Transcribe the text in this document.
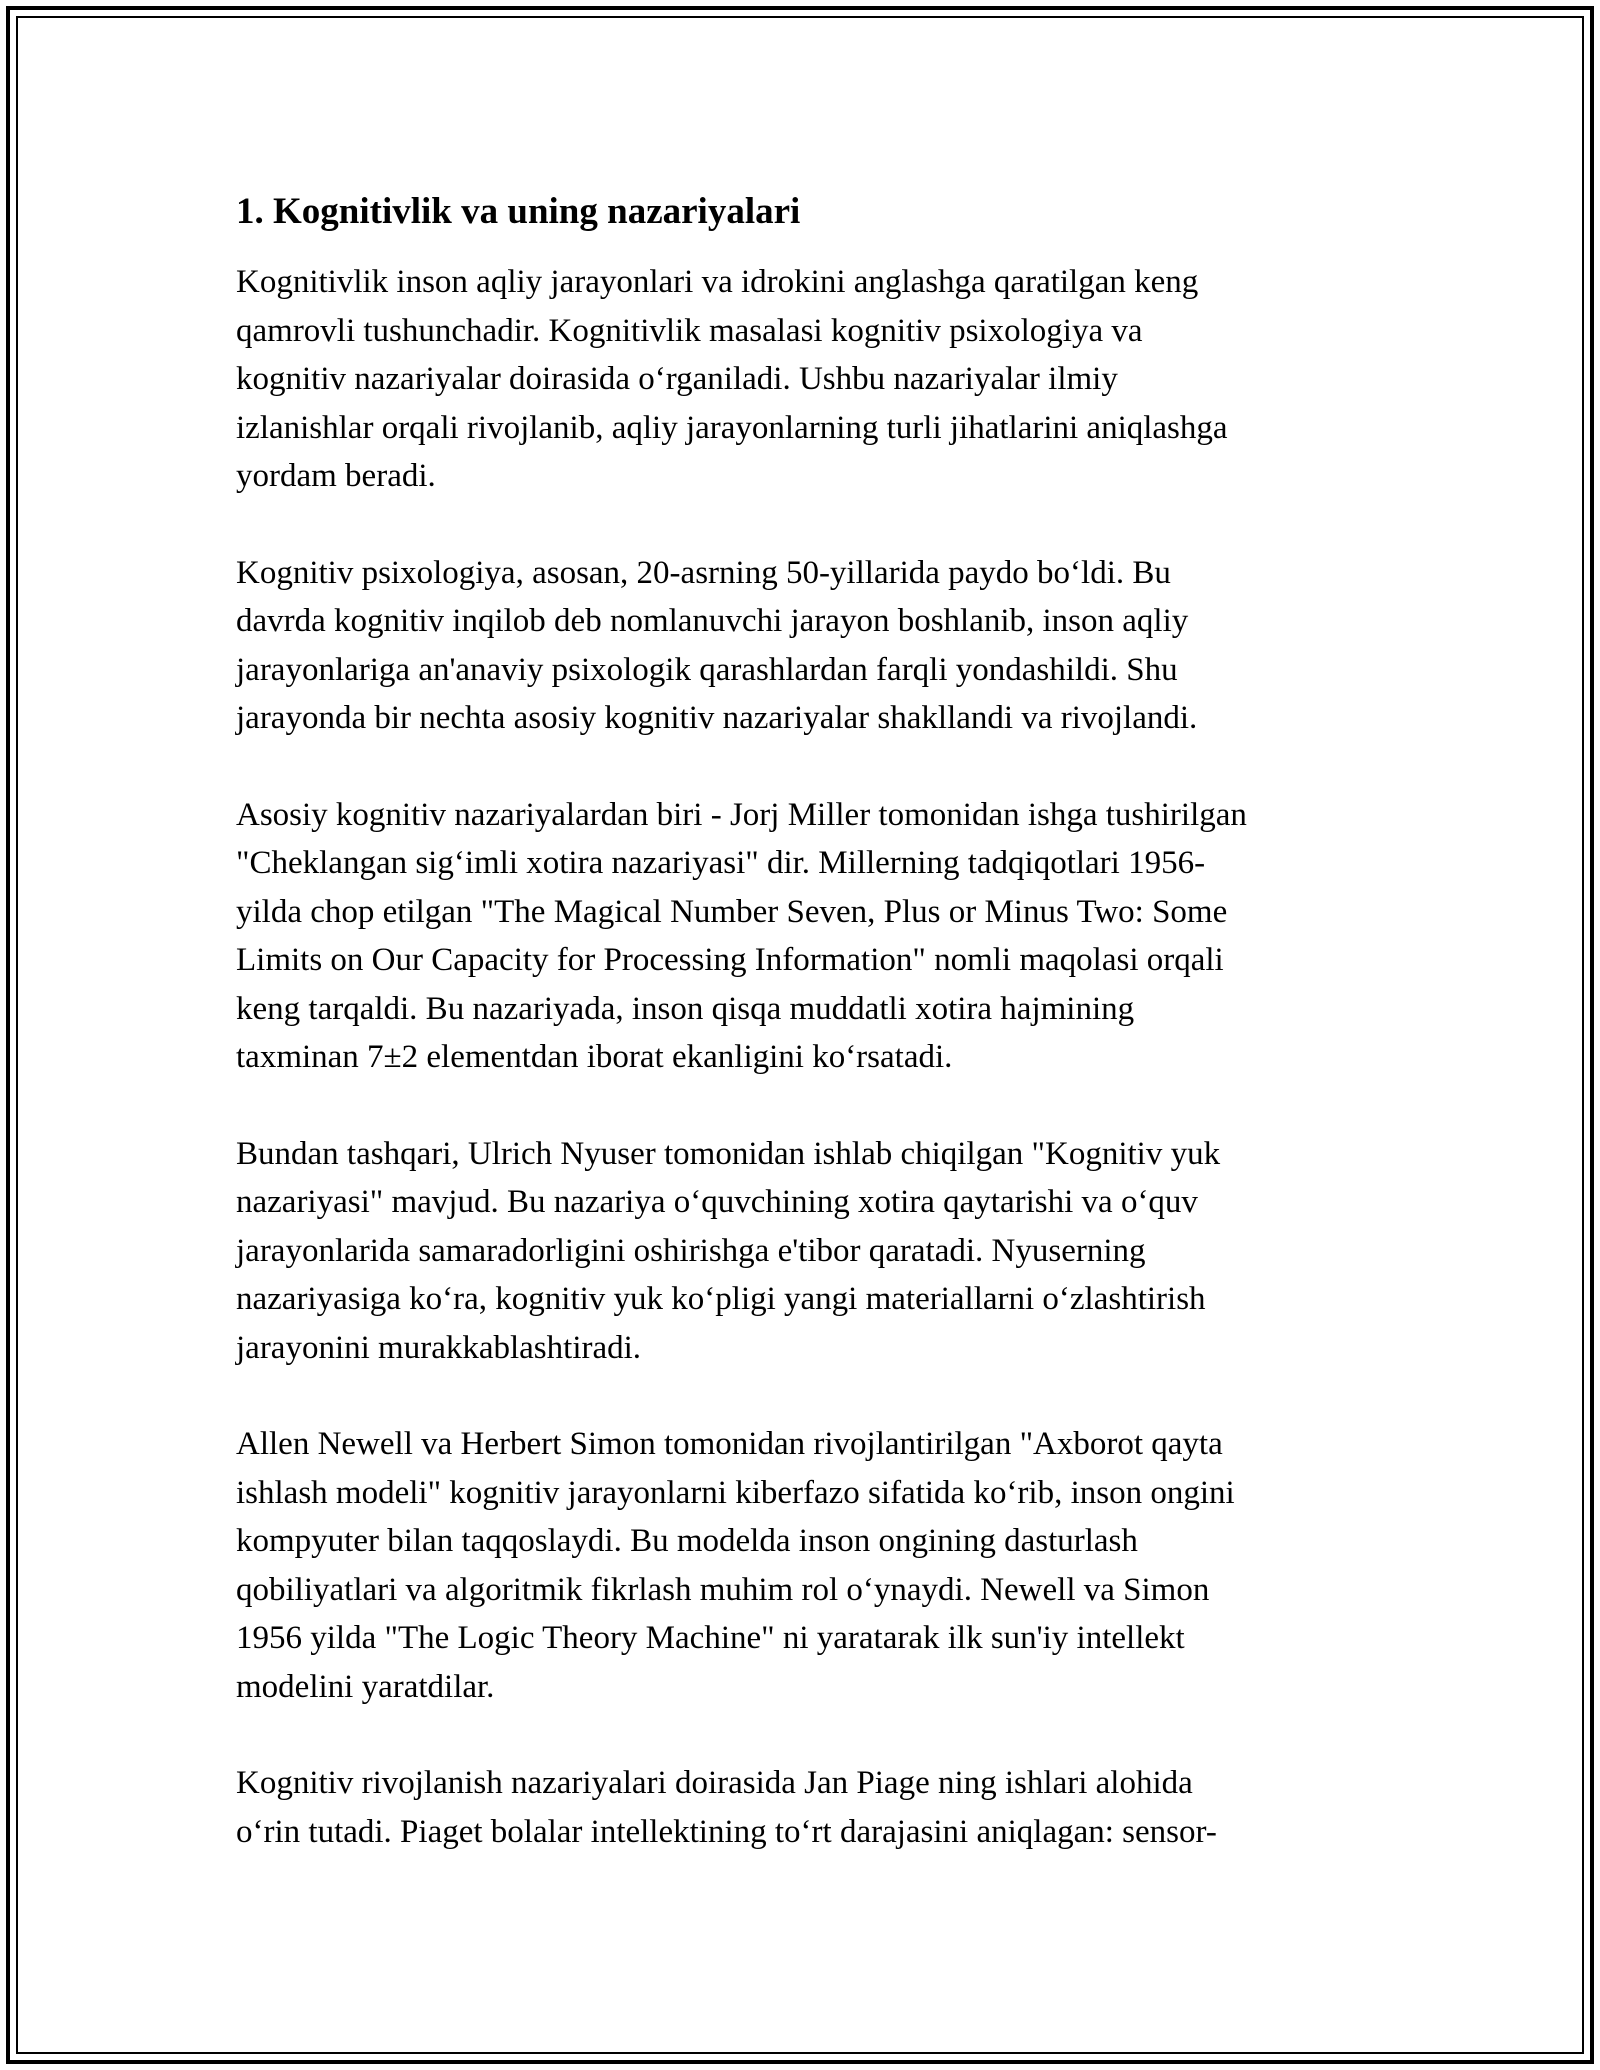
1. Kognitivlik va uning nazariyalari

Kognitivlik inson aqliy jarayonlari va idrokini anglashga qaratilgan keng
qamrovli tushunchadir. Kognitivlik masalasi kognitiv psixologiya va
kognitiv nazariyalar doirasida o‘rganiladi. Ushbu nazariyalar ilmiy
izlanishlar orqali rivojlanib, aqliy jarayonlarning turli jihatlarini aniqlashga
yordam beradi.

Kognitiv psixologiya, asosan, 20-asrning 50-yillarida paydo bo‘ldi. Bu
davrda kognitiv inqilob deb nomlanuvchi jarayon boshlanib, inson aqliy
jarayonlariga an'anaviy psixologik qarashlardan farqli yondashildi. Shu
jarayonda bir nechta asosiy kognitiv nazariyalar shakllandi va rivojlandi.

Asosiy kognitiv nazariyalardan biri - Jorj Miller tomonidan ishga tushirilgan
"Cheklangan sig‘imli xotira nazariyasi" dir. Millerning tadqiqotlari 1956-
yilda chop etilgan "The Magical Number Seven, Plus or Minus Two: Some
Limits on Our Capacity for Processing Information" nomli maqolasi orqali
keng tarqaldi. Bu nazariyada, inson qisqa muddatli xotira hajmining
taxminan 7±2 elementdan iborat ekanligini ko‘rsatadi.

Bundan tashqari, Ulrich Nyuser tomonidan ishlab chiqilgan "Kognitiv yuk
nazariyasi" mavjud. Bu nazariya o‘quvchining xotira qaytarishi va o‘quv
jarayonlarida samaradorligini oshirishga e'tibor qaratadi. Nyuserning
nazariyasiga ko‘ra, kognitiv yuk ko‘pligi yangi materiallarni o‘zlashtirish
jarayonini murakkablashtiradi.

Allen Newell va Herbert Simon tomonidan rivojlantirilgan "Axborot qayta
ishlash modeli" kognitiv jarayonlarni kiberfazo sifatida ko‘rib, inson ongini
kompyuter bilan taqqoslaydi. Bu modelda inson ongining dasturlash
qobiliyatlari va algoritmik fikrlash muhim rol o‘ynaydi. Newell va Simon
1956 yilda "The Logic Theory Machine" ni yaratarak ilk sun'iy intellekt
modelini yaratdilar.

Kognitiv rivojlanish nazariyalari doirasida Jan Piage ning ishlari alohida
o‘rin tutadi. Piaget bolalar intellektining to‘rt darajasini aniqlagan: sensor-
